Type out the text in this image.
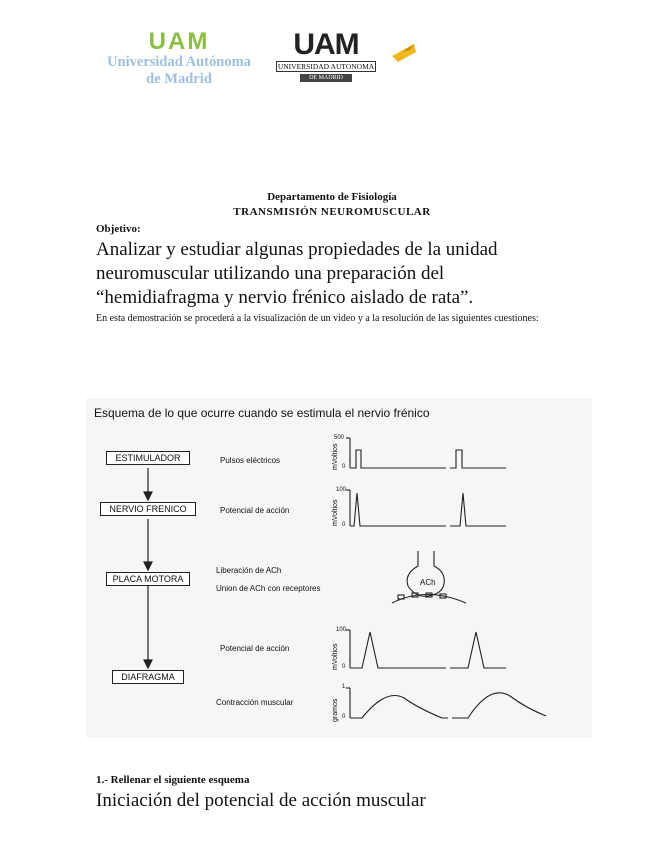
UAM
Universidad Autónoma
de Madrid
UAM
UNIVERSIDAD AUTONOMA
DE MADRID
Departamento de Fisiología
TRANSMISIÓN NEUROMUSCULAR
Objetivo:
Analizar y estudiar algunas propiedades de la unidad neuromuscular utilizando una preparación del “hemidiafragma y nervio frénico aislado de rata”.
En esta demostración se procederá a la visualización de un video y a la resolución de las siguientes cuestiones:
Esquema de lo que ocurre cuando se estimula el nervio frénico
ESTIMULADOR
NERVIO FRENICO
PLACA MOTORA
DIAFRAGMA
Pulsos eléctricos
Potencial de acción
Liberación de ACh
Union de ACh con receptores
Potencial de acción
Contracción muscular
ACh
mVoltios
mVoltios
mVoltios
gramos
500
0
100
0
100
0
1
0
1.- Rellenar el siguiente esquema
Iniciación del potencial de acción muscular
